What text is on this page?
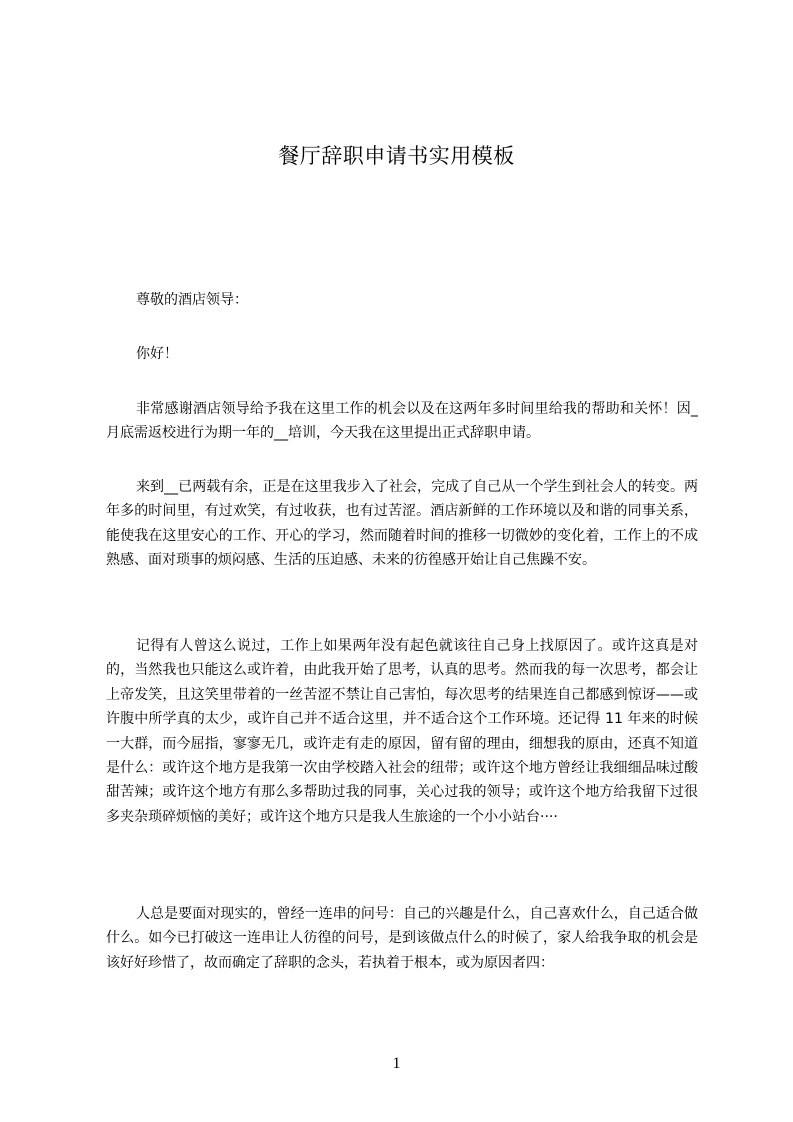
餐厅辞职申请书实用模板
尊敬的酒店领导：
你好！
非常感谢酒店领导给予我在这里工作的机会以及在这两年多时间里给我的帮助和关怀！因_月底需返校进行为期一年的__培训，今天我在这里提出正式辞职申请。
来到__已两载有余，正是在这里我步入了社会，完成了自己从一个学生到社会人的转变。两年多的时间里，有过欢笑，有过收获，也有过苦涩。酒店新鲜的工作环境以及和谐的同事关系，能使我在这里安心的工作、开心的学习，然而随着时间的推移一切微妙的变化着，工作上的不成熟感、面对琐事的烦闷感、生活的压迫感、未来的彷徨感开始让自己焦躁不安。
记得有人曾这么说过，工作上如果两年没有起色就该往自己身上找原因了。或许这真是对的，当然我也只能这么或许着，由此我开始了思考，认真的思考。然而我的每一次思考，都会让上帝发笑，且这笑里带着的一丝苦涩不禁让自己害怕，每次思考的结果连自己都感到惊讶——或许腹中所学真的太少，或许自己并不适合这里，并不适合这个工作环境。还记得 11 年来的时候一大群，而今屈指，寥寥无几，或许走有走的原因，留有留的理由，细想我的原由，还真不知道是什么：或许这个地方是我第一次由学校踏入社会的纽带；或许这个地方曾经让我细细品味过酸甜苦辣；或许这个地方有那么多帮助过我的同事，关心过我的领导；或许这个地方给我留下过很多夹杂琐碎烦恼的美好；或许这个地方只是我人生旅途的一个小小站台····
人总是要面对现实的，曾经一连串的问号：自己的兴趣是什么，自己喜欢什么，自己适合做什么。如今已打破这一连串让人彷徨的问号，是到该做点什么的时候了，家人给我争取的机会是该好好珍惜了，故而确定了辞职的念头，若执着于根本，或为原因者四：
1
